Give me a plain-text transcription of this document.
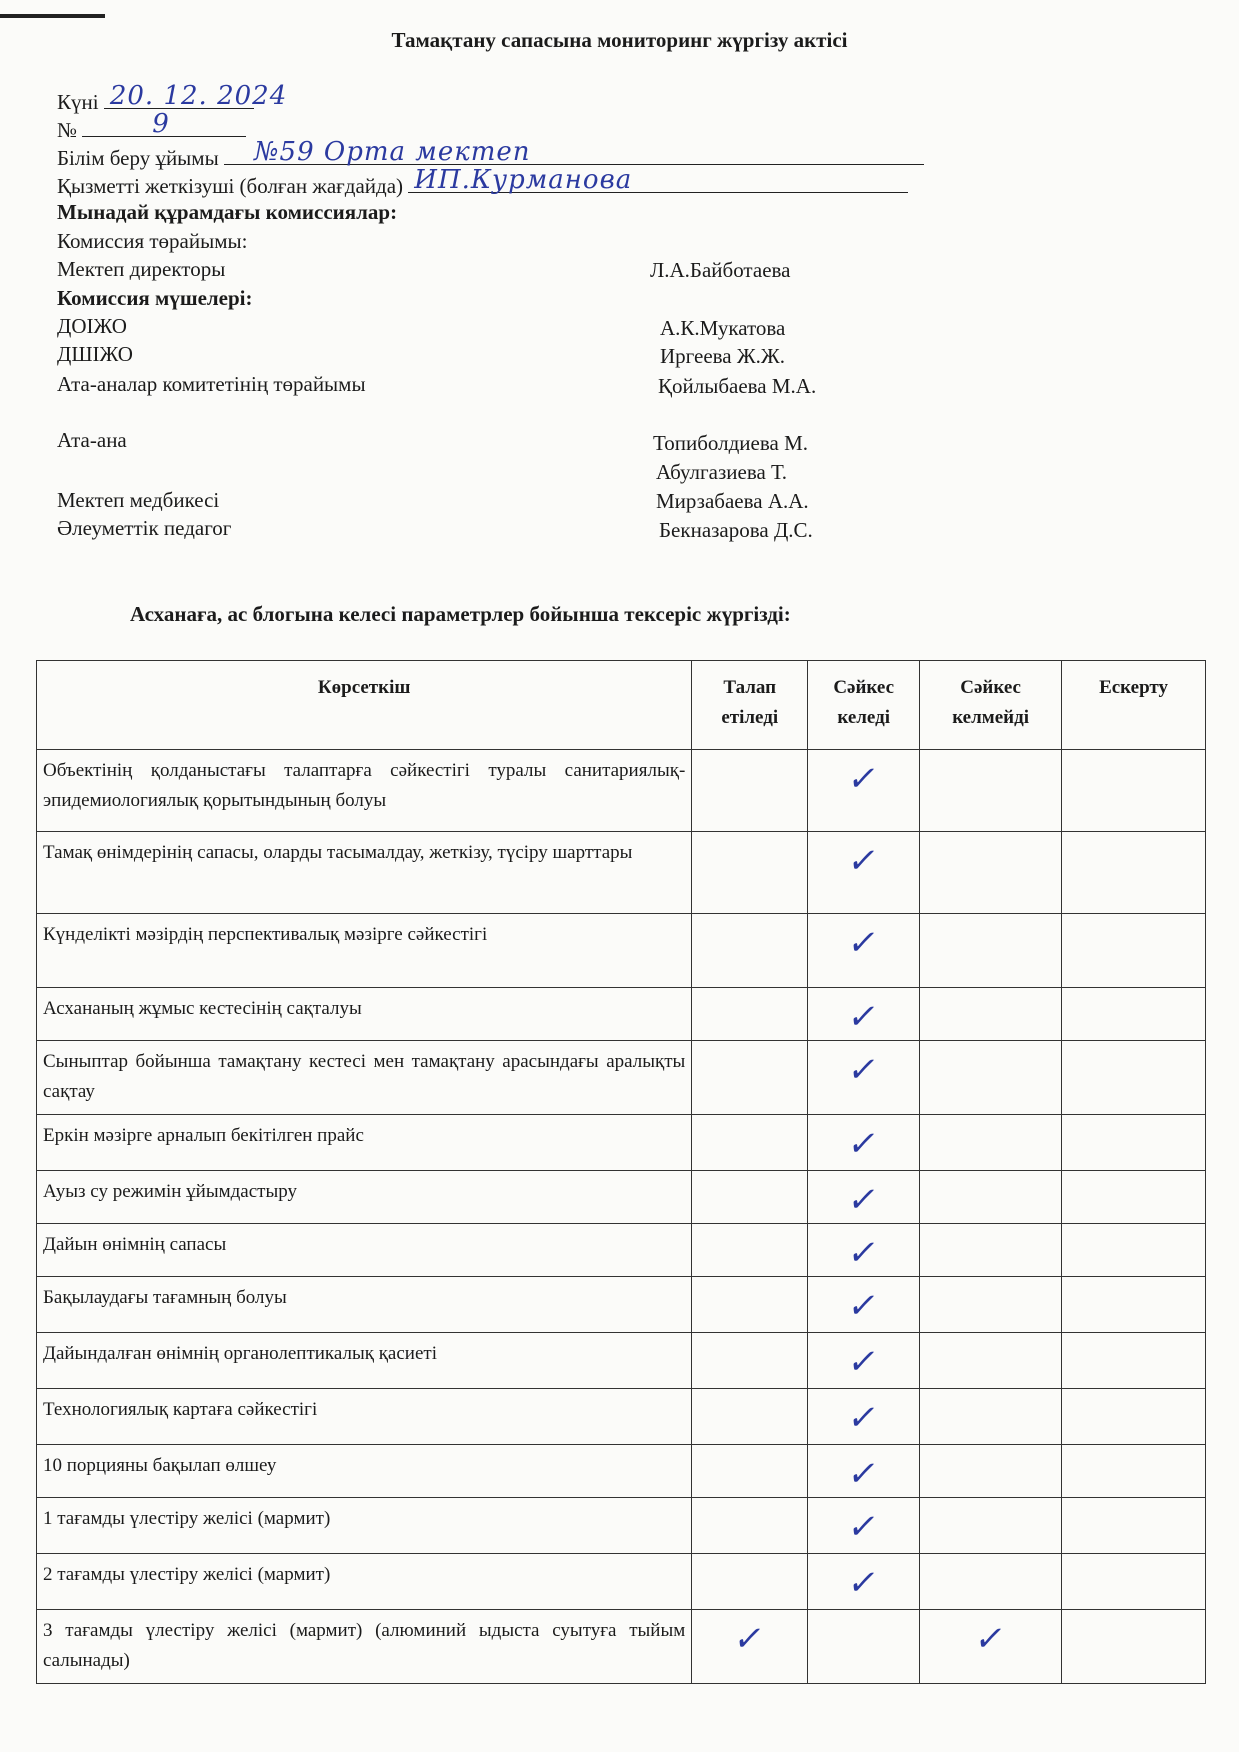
Тамақтану сапасына мониторинг жүргізу актісі
Күні 20. 12. 2024
№	9
Білім беру ұйымы №59 Орта мектеп
Қызметті жеткізуші (болған жағдайда) ИП.Курманова
Мынадай құрамдағы комиссиялар:
Комиссия төрайымы:
Мектеп директоры	Л.А.Байботаева
Комиссия мүшелері:
ДОІЖО	А.К.Мукатова
ДШІЖО	Иргеева Ж.Ж.
Ата-аналар комитетінің төрайымы	Қойлыбаева М.А.
Ата-ана	Топиболдиева М.
Абулгазиева Т.
Мектеп медбикесі	Мирзабаева А.А.
Әлеуметтік педагог	Бекназарова Д.С.
Асханаға, ас блогына келесі параметрлер бойынша тексеріс жүргізді:
Көрсеткіш	Талап етіледі	Сәйкес келеді	Сәйкес келмейді	Ескерту
Объектінің қолданыстағы талаптарға сәйкестігі туралы санитариялық-эпидемиологиялық қорытындының болуы		✓		
Тамақ өнімдерінің сапасы, оларды тасымалдау, жеткізу, түсіру шарттары		✓		
Күнделікті мәзірдің перспективалық мәзірге сәйкестігі		✓		
Асхананың жұмыс кестесінің сақталуы		✓		
Сыныптар бойынша тамақтану кестесі мен тамақтану арасындағы аралықты сақтау		✓		
Еркін мәзірге арналып бекітілген прайс		✓		
Ауыз су режимін ұйымдастыру		✓		
Дайын өнімнің сапасы		✓		
Бақылаудағы тағамның болуы		✓		
Дайындалған өнімнің органолептикалық қасиеті		✓		
Технологиялық картаға сәйкестігі		✓		
10 порцияны бақылап өлшеу		✓		
1 тағамды үлестіру желісі (мармит)		✓		
2 тағамды үлестіру желісі (мармит)		✓		
3 тағамды үлестіру желісі (мармит) (алюминий ыдыста суытуға тыйым салынады)	✓		✓	
